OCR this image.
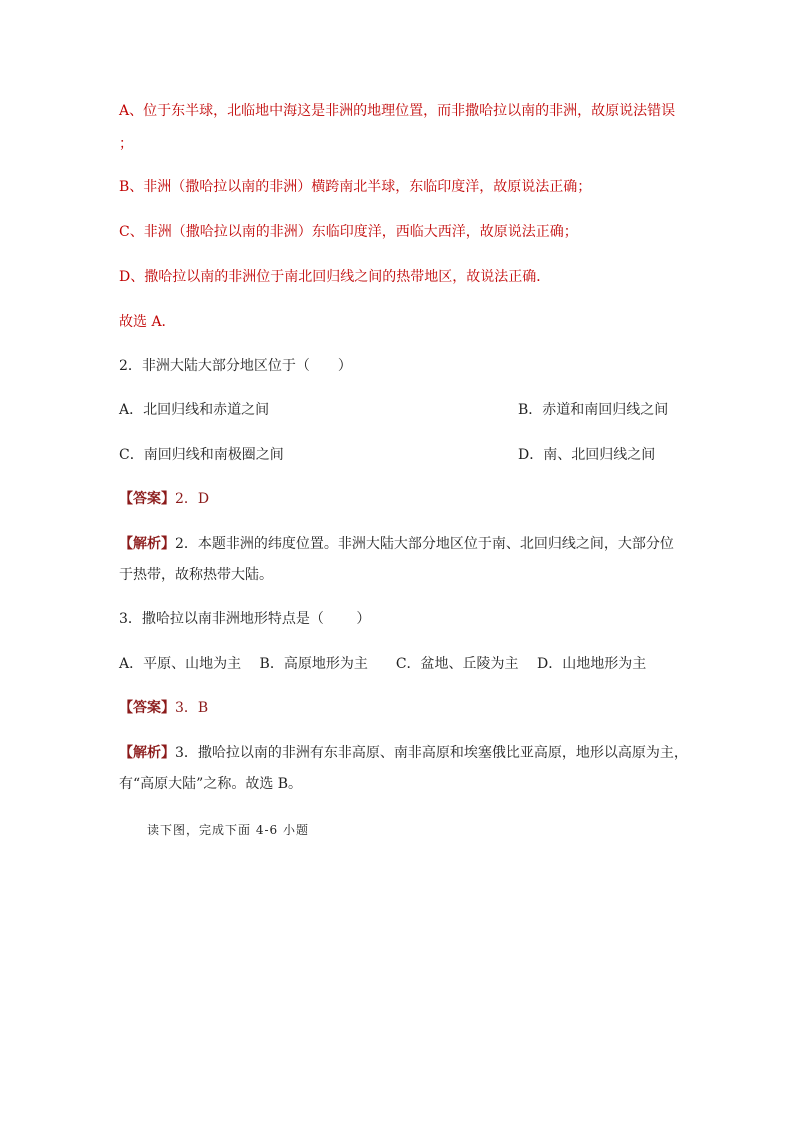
A、位于东半球，北临地中海这是非洲的地理位置，而非撒哈拉以南的非洲，故原说法错误
；
B、非洲（撒哈拉以南的非洲）横跨南北半球，东临印度洋，故原说法正确；
C、非洲（撒哈拉以南的非洲）东临印度洋，西临大西洋，故原说法正确；
D、撒哈拉以南的非洲位于南北回归线之间的热带地区，故说法正确．
故选 A．
2．非洲大陆大部分地区位于（　　）
A．北回归线和赤道之间	B．赤道和南回归线之间
C．南回归线和南极圈之间	D．南、北回归线之间
【答案】2．D
【解析】2．本题非洲的纬度位置。非洲大陆大部分地区位于南、北回归线之间，大部分位
于热带，故称热带大陆。
3．撒哈拉以南非洲地形特点是（　　 ）
A．平原、山地为主　 B．高原地形为主　　C．盆地、丘陵为主　 D．山地地形为主
【答案】3．B
【解析】3．撒哈拉以南的非洲有东非高原、南非高原和埃塞俄比亚高原，地形以高原为主，
有“高原大陆”之称。故选 B。
读下图，完成下面 4-6 小题
